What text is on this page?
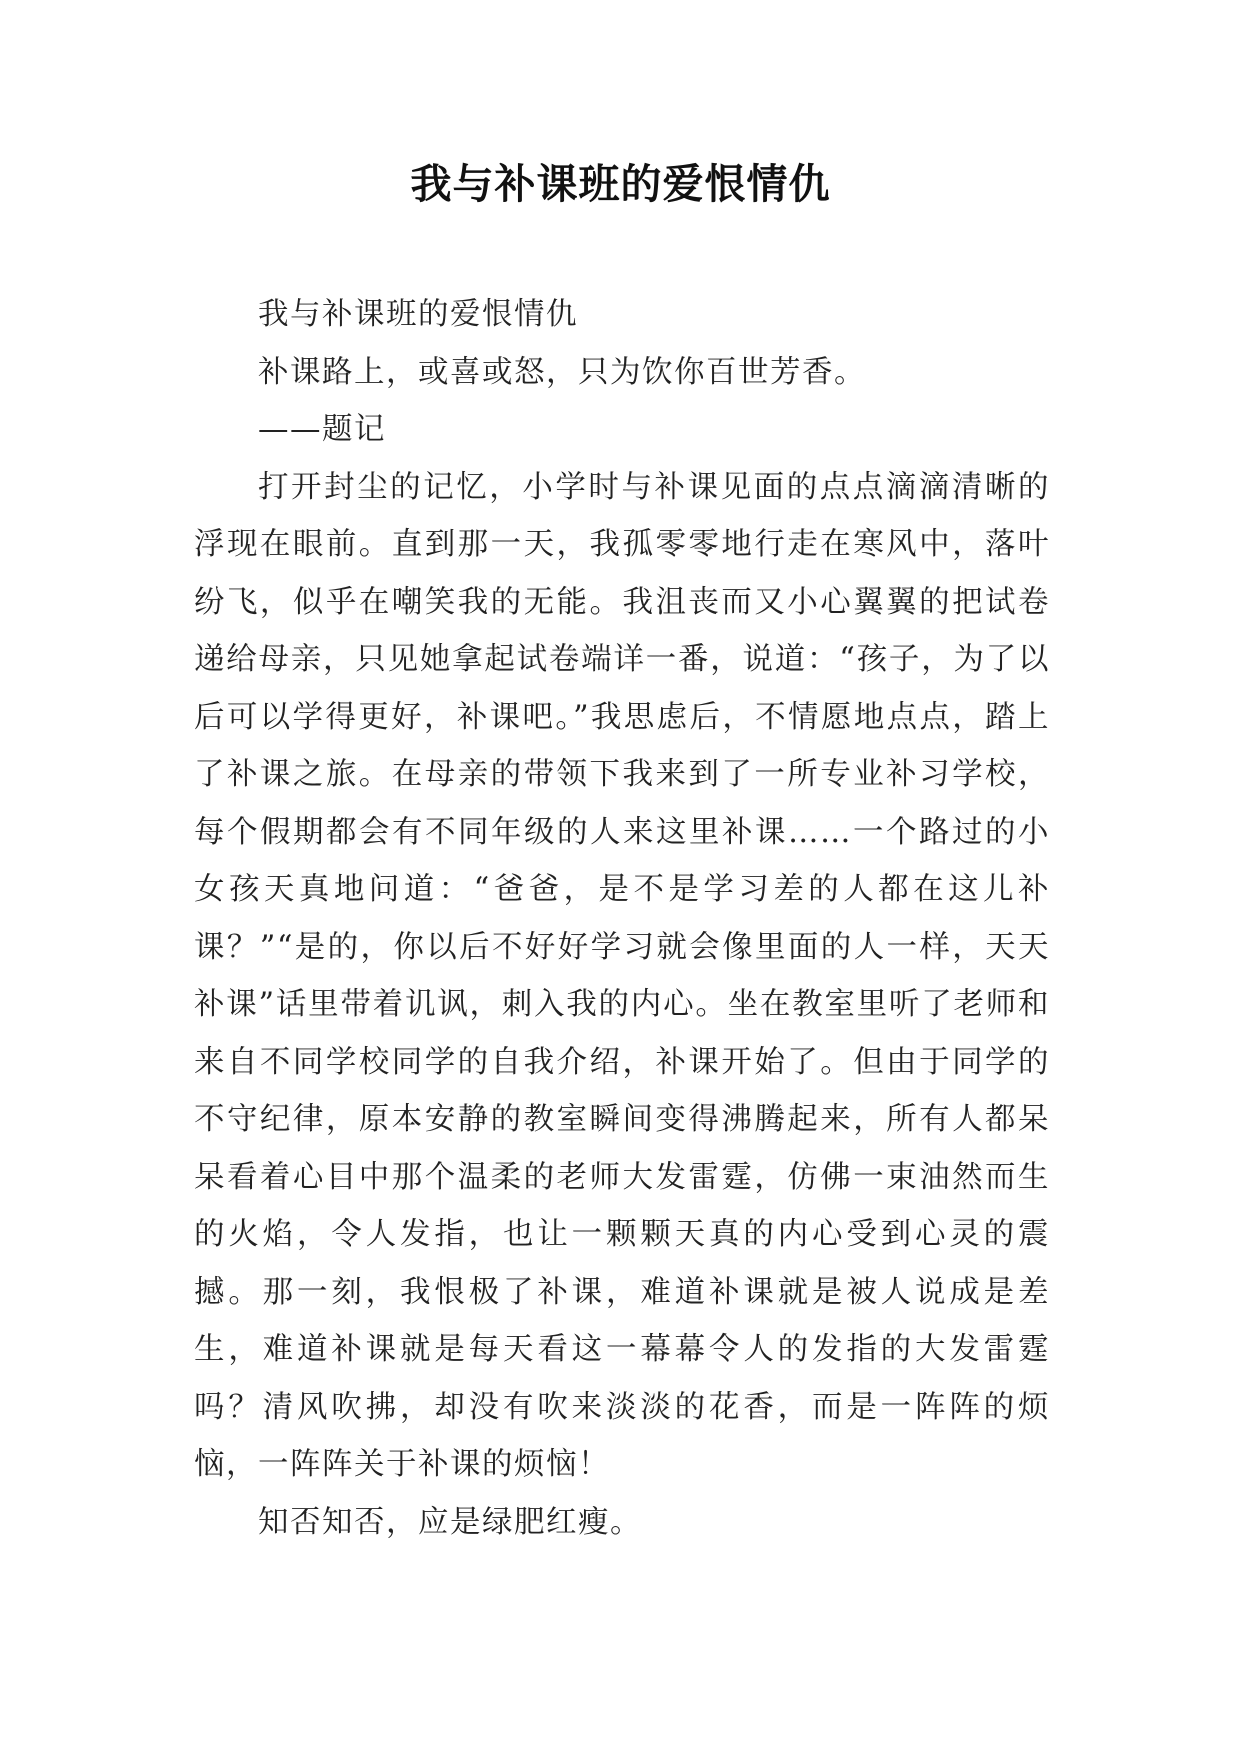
我与补课班的爱恨情仇

我与补课班的爱恨情仇

补课路上，或喜或怒，只为饮你百世芳香。

——题记

打开封尘的记忆，小学时与补课见面的点点滴滴清晰的浮现在眼前。直到那一天，我孤零零地行走在寒风中，落叶纷飞，似乎在嘲笑我的无能。我沮丧而又小心翼翼的把试卷递给母亲，只见她拿起试卷端详一番，说道：“孩子，为了以后可以学得更好，补课吧。”我思虑后，不情愿地点点，踏上了补课之旅。在母亲的带领下我来到了一所专业补习学校，每个假期都会有不同年级的人来这里补课……一个路过的小女孩天真地问道：“爸爸，是不是学习差的人都在这儿补课？”“是的，你以后不好好学习就会像里面的人一样，天天补课”话里带着讥讽，刺入我的内心。坐在教室里听了老师和来自不同学校同学的自我介绍，补课开始了。但由于同学的不守纪律，原本安静的教室瞬间变得沸腾起来，所有人都呆呆看着心目中那个温柔的老师大发雷霆，仿佛一束油然而生的火焰，令人发指，也让一颗颗天真的内心受到心灵的震撼。那一刻，我恨极了补课，难道补课就是被人说成是差生，难道补课就是每天看这一幕幕令人的发指的大发雷霆吗？清风吹拂，却没有吹来淡淡的花香，而是一阵阵的烦恼，一阵阵关于补课的烦恼！

知否知否，应是绿肥红瘦。
